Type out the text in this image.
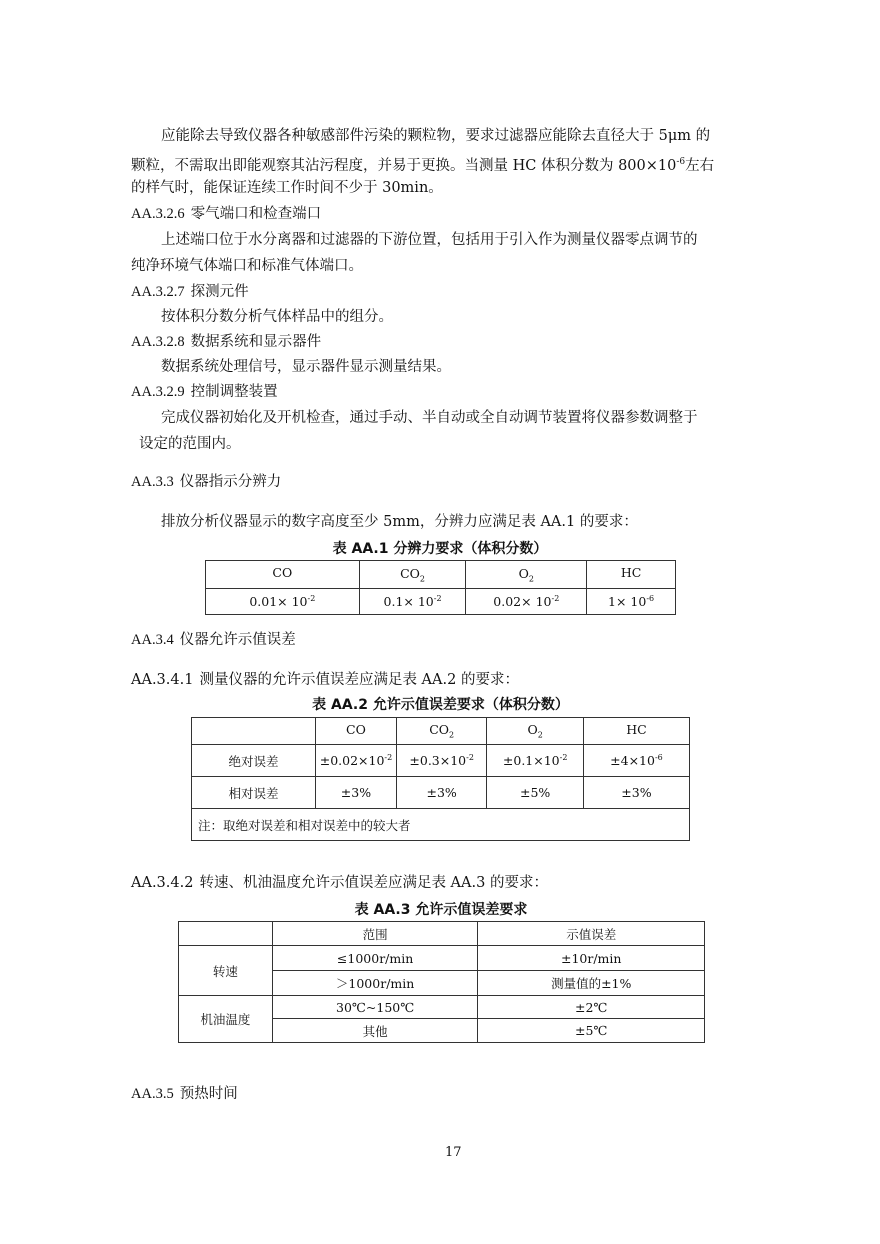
应能除去导致仪器各种敏感部件污染的颗粒物，要求过滤器应能除去直径大于 5μm 的
颗粒，不需取出即能观察其沾污程度，并易于更换。当测量 HC 体积分数为 $800\times 10^{-6}$左右
的样气时，能保证连续工作时间不少于 30min。
AA.3.2.6 零气端口和检查端口
上述端口位于水分离器和过滤器的下游位置，包括用于引入作为测量仪器零点调节的
纯净环境气体端口和标准气体端口。
AA.3.2.7 探测元件
按体积分数分析气体样品中的组分。
AA.3.2.8 数据系统和显示器件
数据系统处理信号，显示器件显示测量结果。
AA.3.2.9 控制调整装置
完成仪器初始化及开机检查，通过手动、半自动或全自动调节装置将仪器参数调整于
设定的范围内。
AA.3.3 仪器指示分辨力
排放分析仪器显示的数字高度至少 5mm，分辨力应满足表 AA.1 的要求：
表 AA.1 分辨力要求（体积分数）
CO	$CO_2$	$O_2$	HC
$0.01\times 10^{-2}$	$0.1\times 10^{-2}$	$0.02\times 10^{-2}$	$1\times 10^{-6}$
AA.3.4 仪器允许示值误差
AA.3.4.1 测量仪器的允许示值误差应满足表 AA.2 的要求：
表 AA.2 允许示值误差要求（体积分数）
	CO	$CO_2$	$O_2$	HC
绝对误差	$\pm 0.02\times 10^{-2}$	$\pm 0.3\times 10^{-2}$	$\pm 0.1\times 10^{-2}$	$\pm 4\times 10^{-6}$
相对误差	±3%	±3%	±5%	±3%
注：取绝对误差和相对误差中的较大者				
AA.3.4.2 转速、机油温度允许示值误差应满足表 AA.3 的要求：
表 AA.3 允许示值误差要求
	范围	示值误差
转速	≤1000r/min	±10r/min
	＞1000r/min	测量值的±1%
机油温度	30℃~150℃	±2℃
	其他	±5℃
AA.3.5 预热时间
17
